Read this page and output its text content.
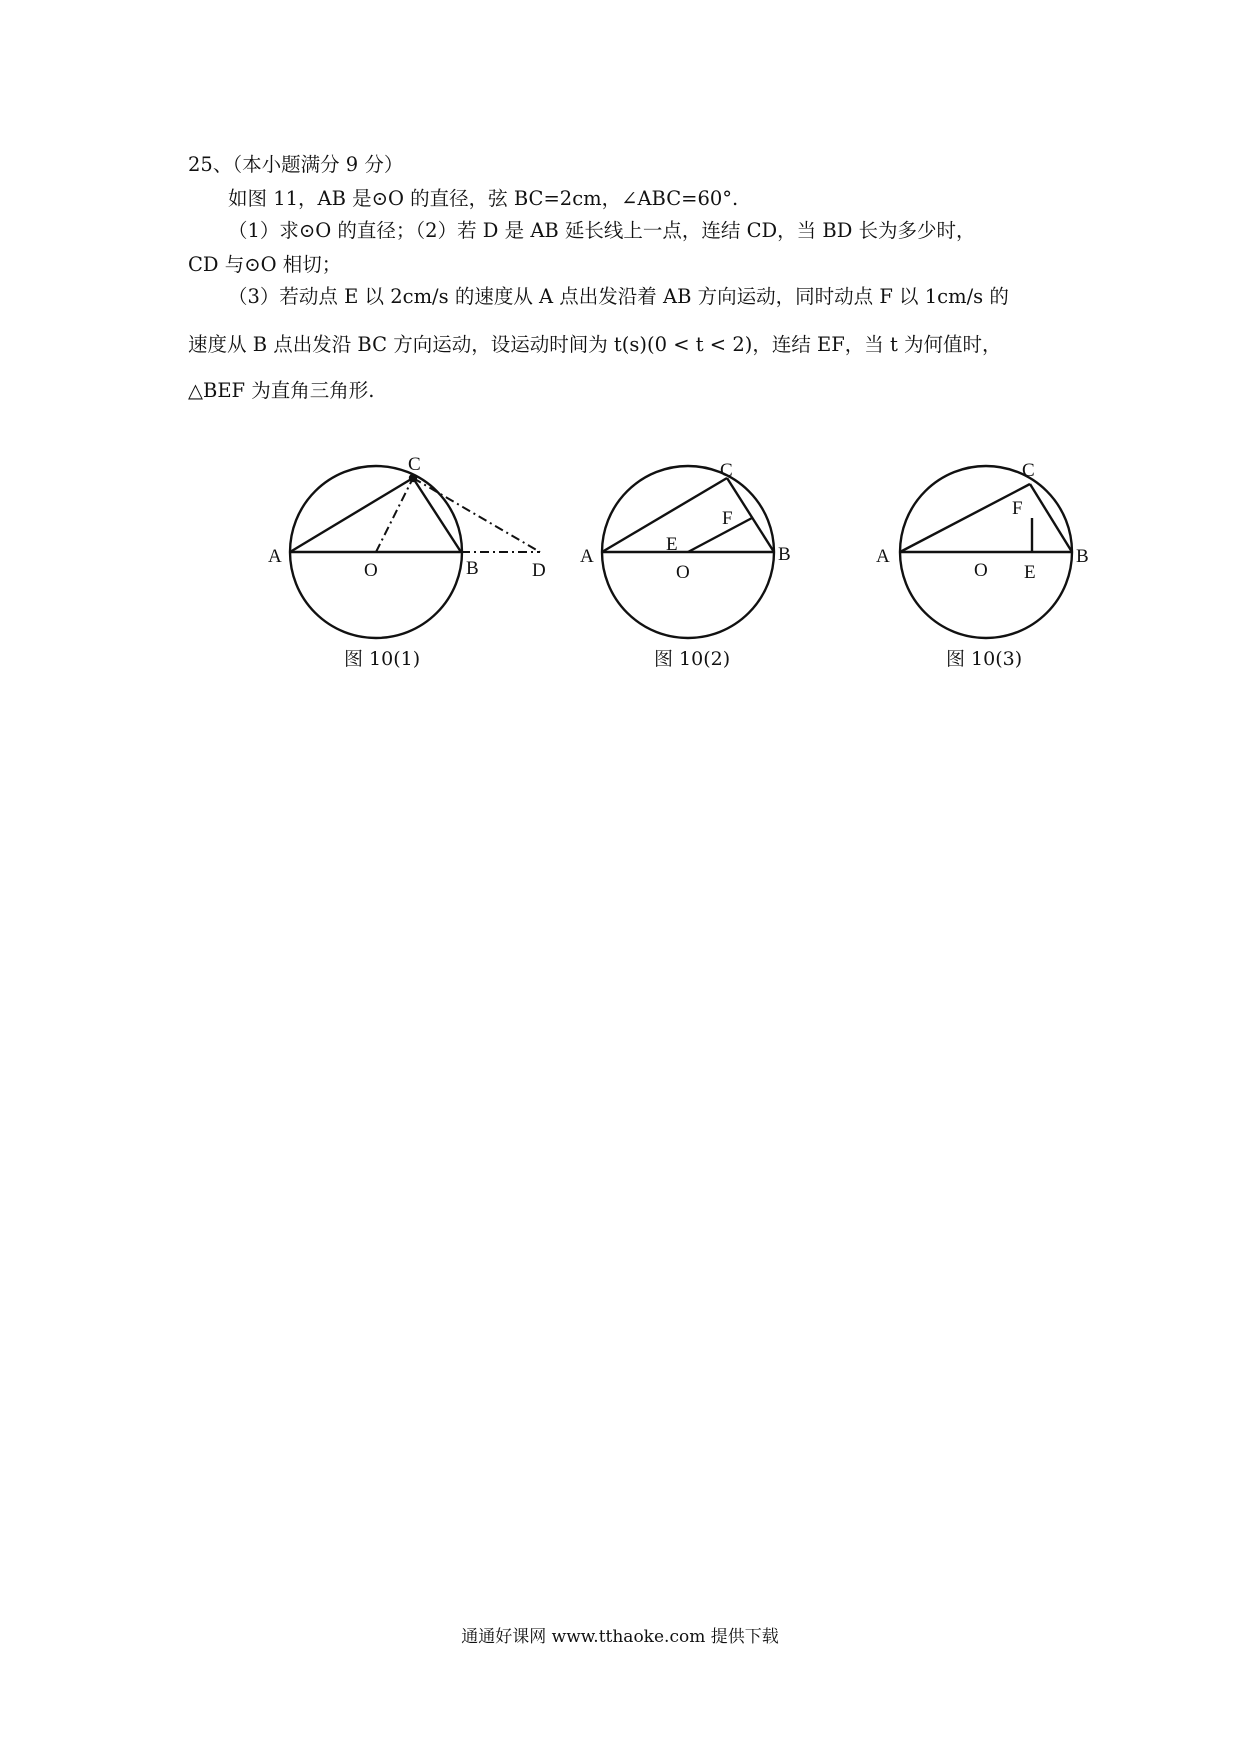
25、（本小题满分 9 分）
如图 11，AB 是⊙O 的直径，弦 BC=2cm，∠ABC=60°.
（1）求⊙O 的直径；（2）若 D 是 AB 延长线上一点，连结 CD，当 BD 长为多少时，
CD 与⊙O 相切；
（3）若动点 E 以 2cm/s 的速度从 A 点出发沿着 AB 方向运动，同时动点 F 以 1cm/s 的
速度从 B 点出发沿 BC 方向运动，设运动时间为 t(s)(0 < t < 2)，连结 EF，当 t 为何值时，
△BEF 为直角三角形.
A
B
C
O	D
A	B
C
O
E
F
A	B
C
O E
F
图 10(1)	图 10(2)	图 10(3)
通通好课网 www.tthaoke.com 提供下载
